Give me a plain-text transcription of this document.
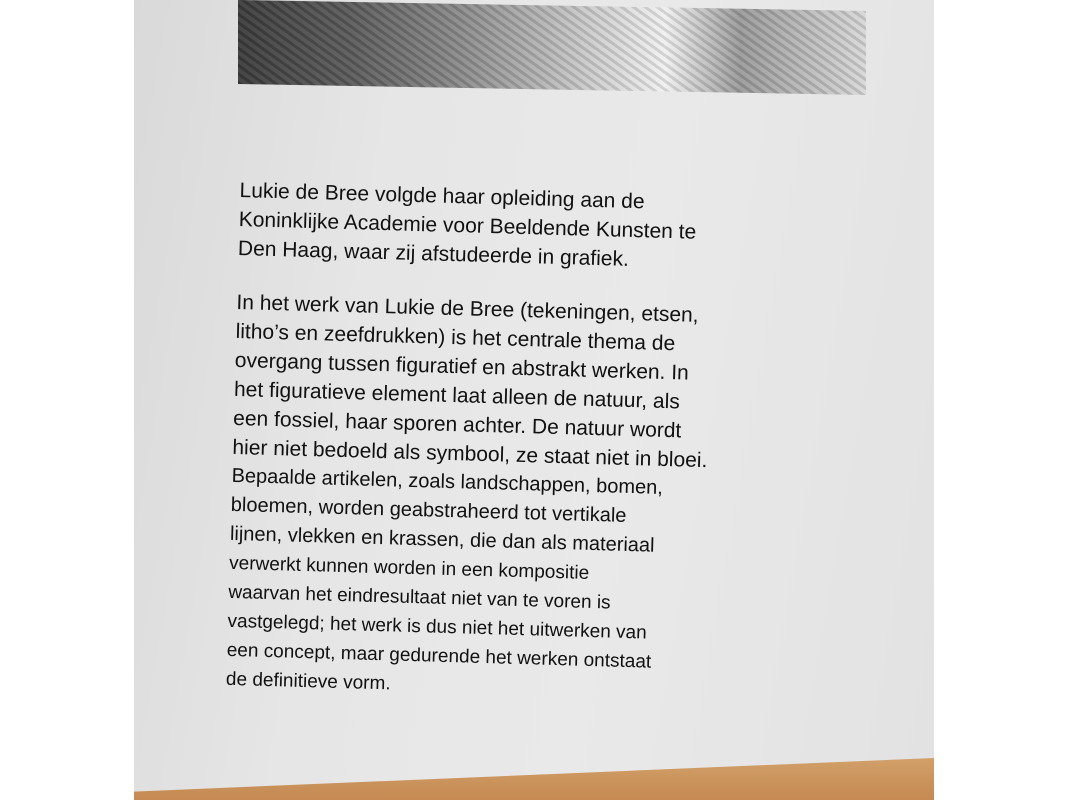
Lukie de Bree volgde haar opleiding aan de
Koninklijke Academie voor Beeldende Kunsten te
Den Haag, waar zij afstudeerde in grafiek.

In het werk van Lukie de Bree (tekeningen, etsen,
litho’s en zeefdrukken) is het centrale thema de
overgang tussen figuratief en abstrakt werken. In
het figuratieve element laat alleen de natuur, als
een fossiel, haar sporen achter. De natuur wordt
hier niet bedoeld als symbool, ze staat niet in bloei.
Bepaalde artikelen, zoals landschappen, bomen,
bloemen, worden geabstraheerd tot vertikale
lijnen, vlekken en krassen, die dan als materiaal
verwerkt kunnen worden in een kompositie
waarvan het eindresultaat niet van te voren is
vastgelegd; het werk is dus niet het uitwerken van
een concept, maar gedurende het werken ontstaat
de definitieve vorm.
